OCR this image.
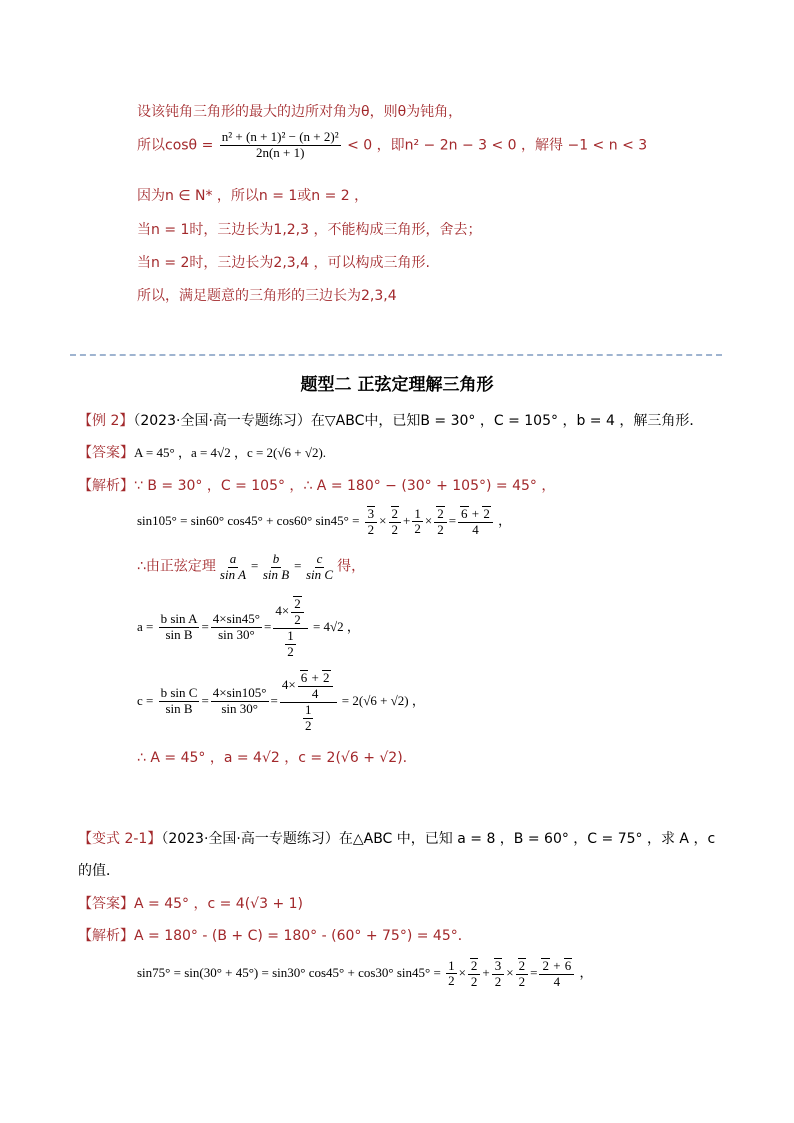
设该钝角三角形的最大的边所对角为θ，则θ为钝角，
所以$\cos\theta = \frac{\text{n² + (n + 1)² − (n + 2)²}}{2n(n + 1)} < 0$ ，即n² − 2n − 3 < 0 ，解得 −1 < n < 3
因为n ∈ N* ，所以n = 1或n = 2 ，
当n = 1时，三边长为1,2,3 ，不能构成三角形，舍去；
当n = 2时，三边长为2,3,4 ，可以构成三角形.
所以，满足题意的三角形的三边长为2,3,4
题型二 正弦定理解三角形
【例 2】（2023·全国·高一专题练习）在▽ABC中，已知B = 30° ，C = 105° ，b = 4 ，解三角形．
【答案】A = 45° ，a = 4√2 ，c = 2(√6 + √2).
【解析】∵ B = 30° ，C = 105° ，∴ A = 180° − (30° + 105°) = 45° ，
sin105° = sin60° cos45° + cos60° $\sin 45^\circ = \frac{3}{2} \times \frac{2}{2} + \frac{1}{2} \times \frac{2}{2} = \frac{6 + 2}{4}$ ，
∴由正弦定理 $\frac{a}{\text{sin A}} = \frac{b}{\text{sin B}} = \frac{c}{\text{sin C}}$ 得，
$a = \frac{\text{b sin A}}{\text{sin B}} = \frac{4\times\sin 45^\circ}{\sin 30^\circ} = \frac{4\times \frac{2}{2}}{\frac{1}{2}} = 4√2$ ，
$c = \frac{\text{b sin C}}{\text{sin B}} = \frac{4\times\sin 105^\circ}{\sin 30^\circ} = \frac{4\times \frac{6 + 2}{4}}{\frac{1}{2}} = 2(√6 + √2)$ ，
∴ A = 45° ，a = 4√2 ，c = 2(√6 + √2).
【变式 2-1】（2023·全国·高一专题练习）在△ABC 中，已知 a = 8 ，B = 60° ，C = 75° ，求 A ，c
的值．
【答案】A = 45° ，c = 4(√3 + 1)
【解析】A = 180° - (B + C) = 180° - (60° + 75°) = 45°．
sin75° = sin(30° + 45°) = sin30° cos45° + cos30° $\sin 45^\circ = \frac{1}{2} \times \frac{2}{2} + \frac{3}{2} \times \frac{2}{2} = \frac{2 + 6}{4}$ ，
